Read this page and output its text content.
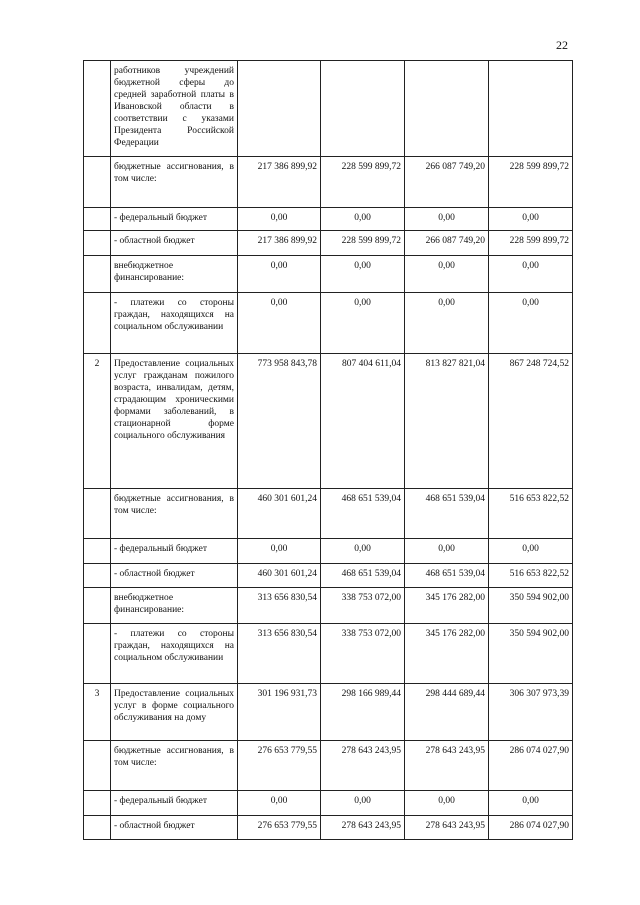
22
	работников учреждений бюджетной сферы до средней заработной платы в Ивановской области в соответствии с указами Президента Российской Федерации				
	бюджетные ассигнования, в том числе:	217 386 899,92	228 599 899,72	266 087 749,20	228 599 899,72
	- федеральный бюджет	0,00	0,00	0,00	0,00
	- областной бюджет	217 386 899,92	228 599 899,72	266 087 749,20	228 599 899,72
	внебюджетное финансирование:	0,00	0,00	0,00	0,00
	- платежи со стороны граждан, находящихся на социальном обслуживании	0,00	0,00	0,00	0,00
2	Предоставление социальных услуг гражданам пожилого возраста, инвалидам, детям, страдающим хроническими формами заболеваний, в стационарной форме социального обслуживания	773 958 843,78	807 404 611,04	813 827 821,04	867 248 724,52
	бюджетные ассигнования, в том числе:	460 301 601,24	468 651 539,04	468 651 539,04	516 653 822,52
	- федеральный бюджет	0,00	0,00	0,00	0,00
	- областной бюджет	460 301 601,24	468 651 539,04	468 651 539,04	516 653 822,52
	внебюджетное финансирование:	313 656 830,54	338 753 072,00	345 176 282,00	350 594 902,00
	- платежи со стороны граждан, находящихся на социальном обслуживании	313 656 830,54	338 753 072,00	345 176 282,00	350 594 902,00
3	Предоставление социальных услуг в форме социального обслуживания на дому	301 196 931,73	298 166 989,44	298 444 689,44	306 307 973,39
	бюджетные ассигнования, в том числе:	276 653 779,55	278 643 243,95	278 643 243,95	286 074 027,90
	- федеральный бюджет	0,00	0,00	0,00	0,00
	- областной бюджет	276 653 779,55	278 643 243,95	278 643 243,95	286 074 027,90
